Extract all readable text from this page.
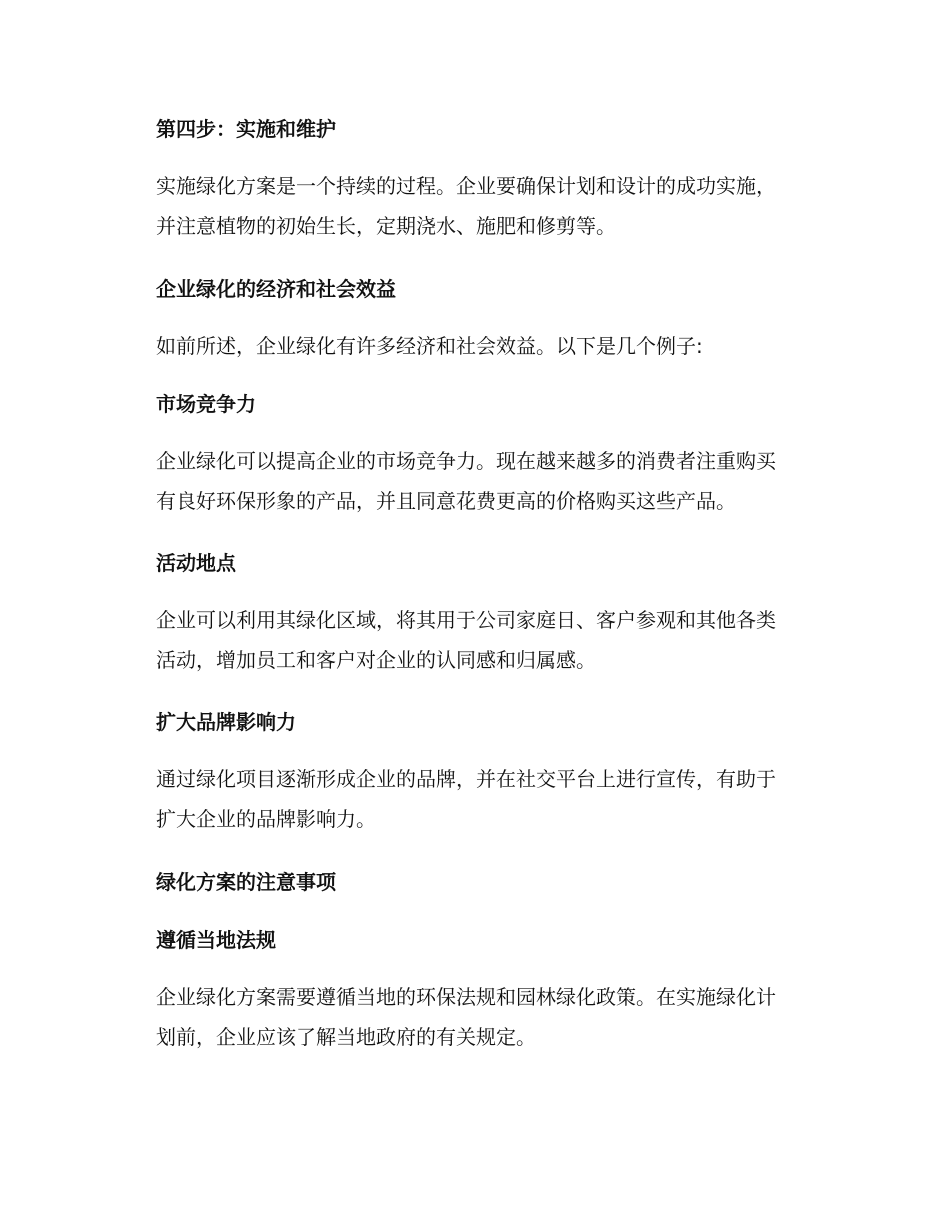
第四步：实施和维护

实施绿化方案是一个持续的过程。企业要确保计划和设计的成功实施，
并注意植物的初始生长，定期浇水、施肥和修剪等。

企业绿化的经济和社会效益

如前所述，企业绿化有许多经济和社会效益。以下是几个例子:

市场竞争力

企业绿化可以提高企业的市场竞争力。现在越来越多的消费者注重购买
有良好环保形象的产品，并且同意花费更高的价格购买这些产品。

活动地点

企业可以利用其绿化区域，将其用于公司家庭日、客户参观和其他各类
活动，增加员工和客户对企业的认同感和归属感。

扩大品牌影响力

通过绿化项目逐渐形成企业的品牌，并在社交平台上进行宣传，有助于
扩大企业的品牌影响力。

绿化方案的注意事项
遵循当地法规

企业绿化方案需要遵循当地的环保法规和园林绿化政策。在实施绿化计
划前，企业应该了解当地政府的有关规定。
